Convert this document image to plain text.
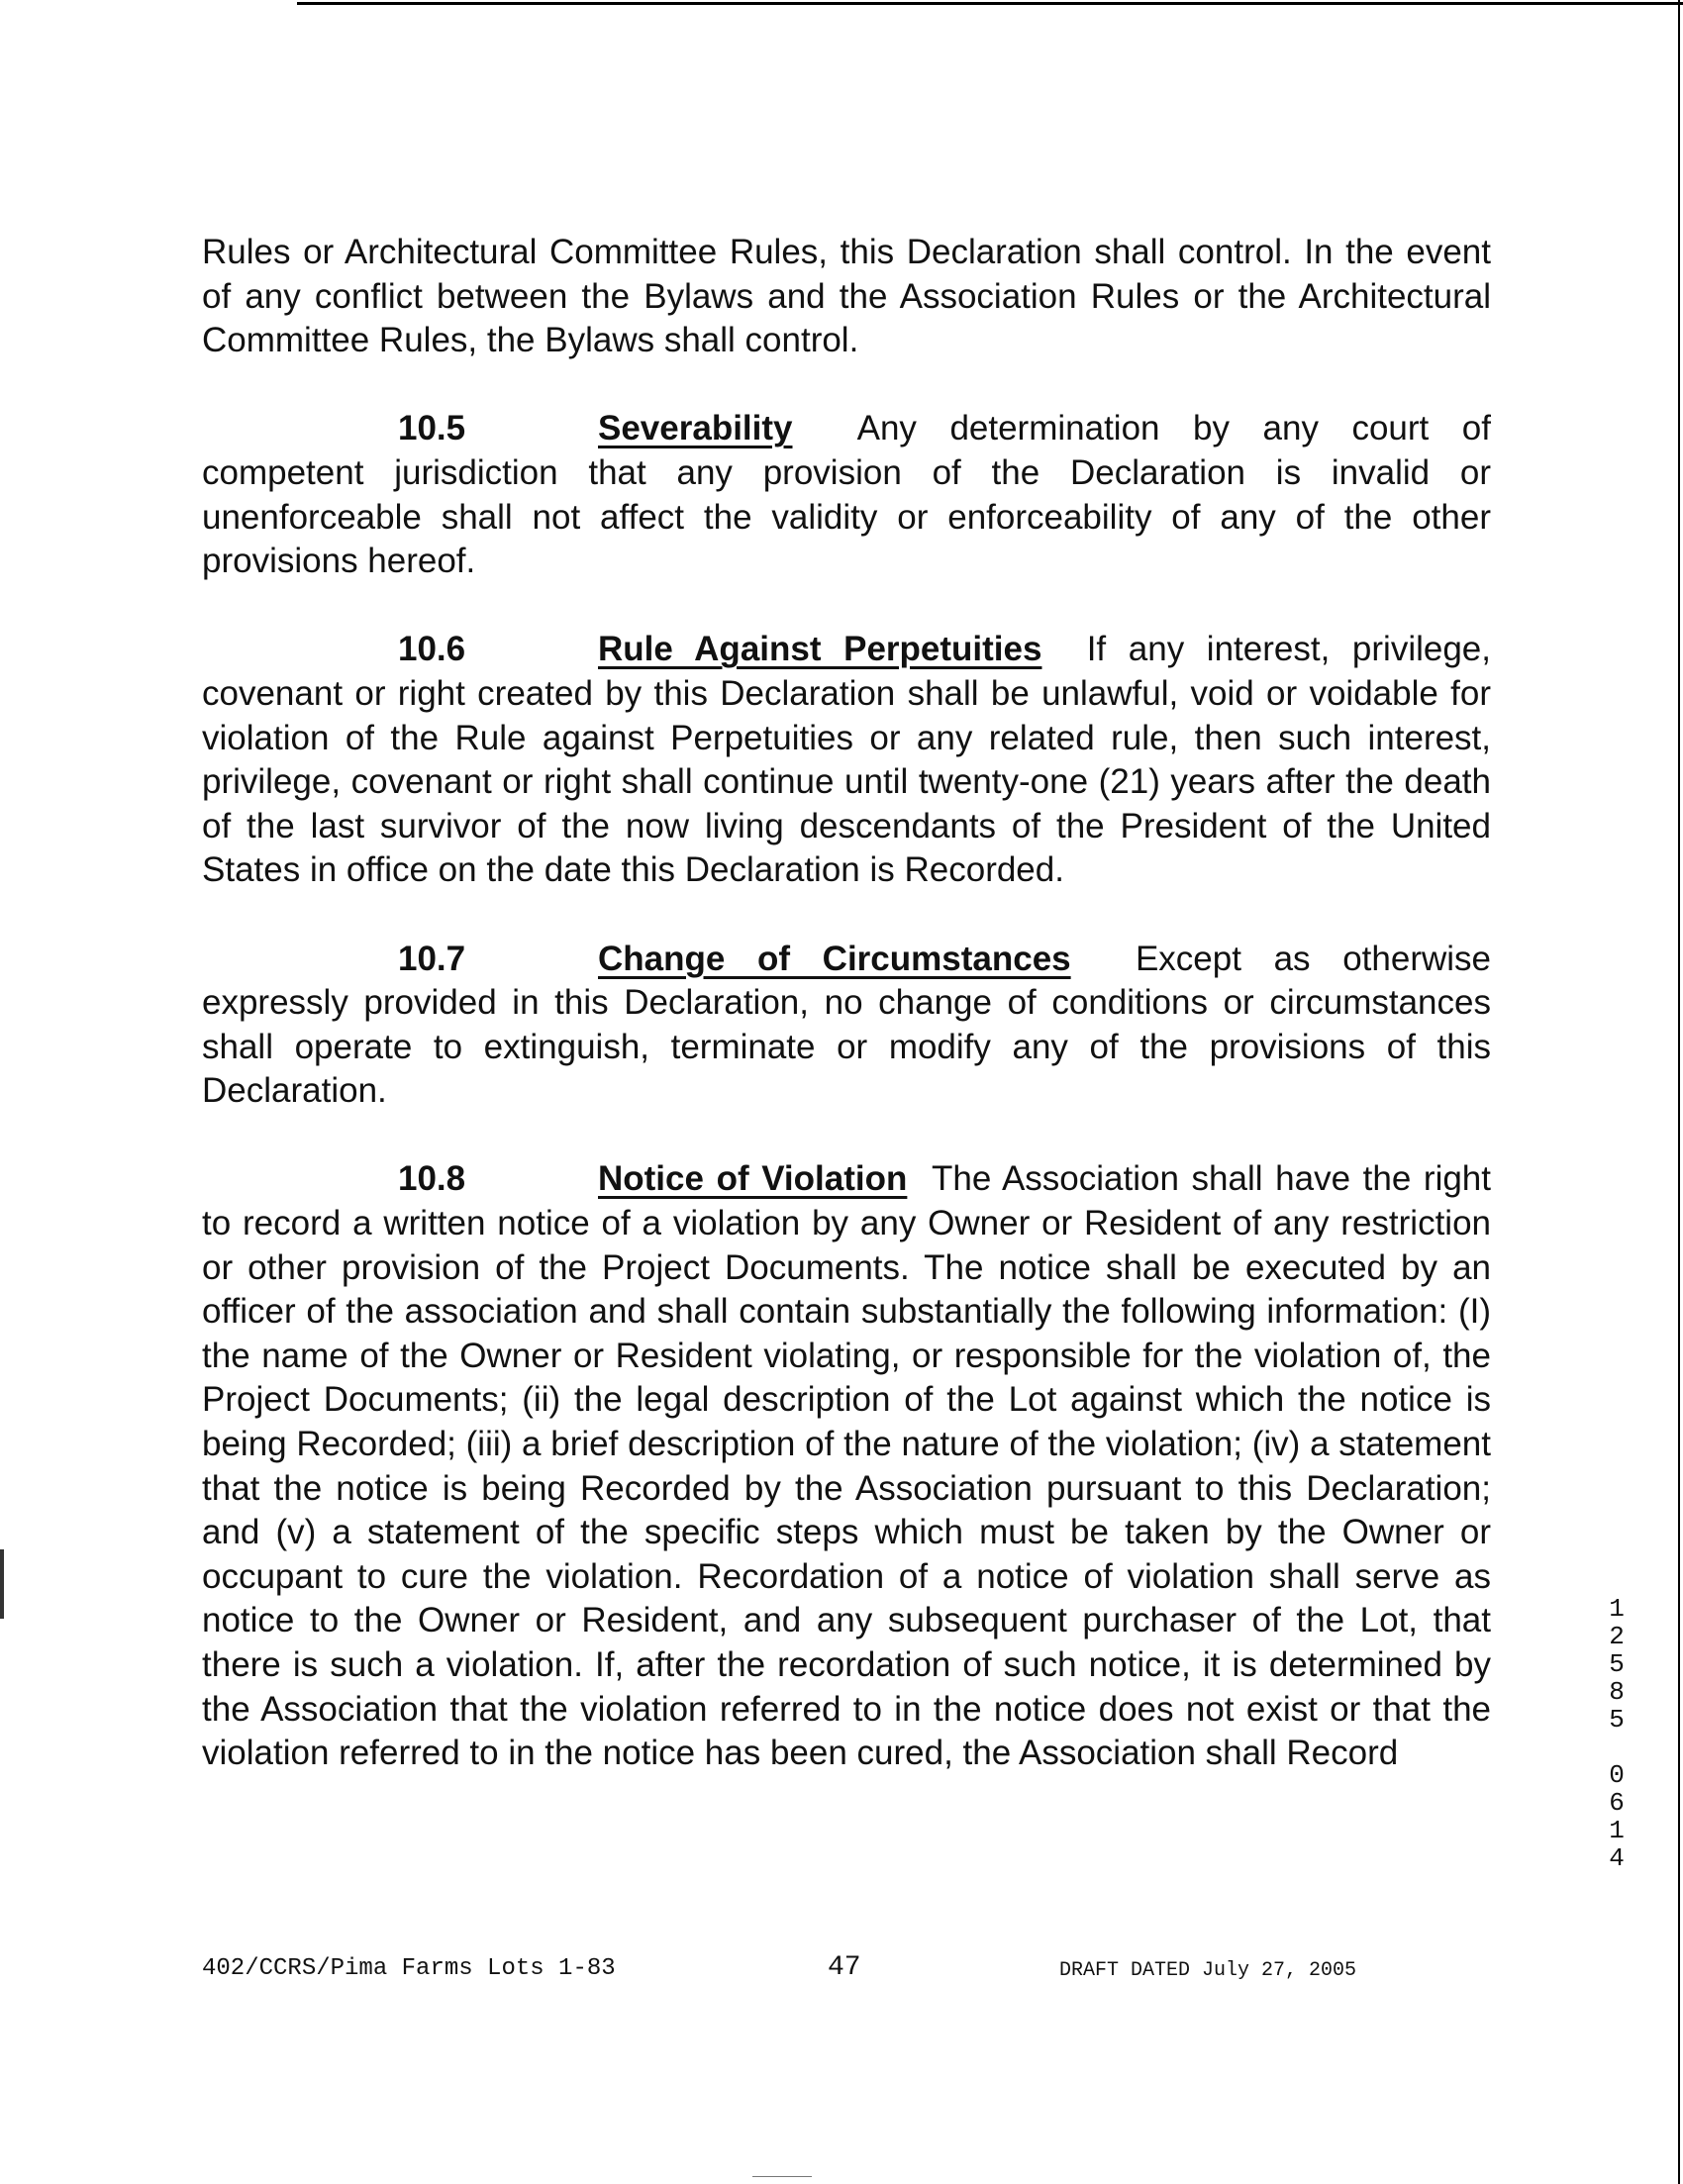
Rules or Architectural Committee Rules, this Declaration shall control. In the event of any conflict between the Bylaws and the Association Rules or the Architectural Committee Rules, the Bylaws shall control.

10.5	Severability Any determination by any court of competent jurisdiction that any provision of the Declaration is invalid or unenforceable shall not affect the validity or enforceability of any of the other provisions hereof.

10.6	Rule Against Perpetuities If any interest, privilege, covenant or right created by this Declaration shall be unlawful, void or voidable for violation of the Rule against Perpetuities or any related rule, then such interest, privilege, covenant or right shall continue until twenty-one (21) years after the death of the last survivor of the now living descendants of the President of the United States in office on the date this Declaration is Recorded.

10.7	Change of Circumstances Except as otherwise expressly provided in this Declaration, no change of conditions or circumstances shall operate to extinguish, terminate or modify any of the provisions of this Declaration.

10.8	Notice of Violation The Association shall have the right to record a written notice of a violation by any Owner or Resident of any restriction or other provision of the Project Documents. The notice shall be executed by an officer of the association and shall contain substantially the following information: (I) the name of the Owner or Resident violating, or responsible for the violation of, the Project Documents; (ii) the legal description of the Lot against which the notice is being Recorded; (iii) a brief description of the nature of the violation; (iv) a statement that the notice is being Recorded by the Association pursuant to this Declaration; and (v) a statement of the specific steps which must be taken by the Owner or occupant to cure the violation. Recordation of a notice of violation shall serve as notice to the Owner or Resident, and any subsequent purchaser of the Lot, that there is such a violation. If, after the recordation of such notice, it is determined by the Association that the violation referred to in the notice does not exist or that the violation referred to in the notice has been cured, the Association shall Record	12585 0614
402/CCRS/Pima Farms Lots 1-83	47	DRAFT DATED July 27, 2005
